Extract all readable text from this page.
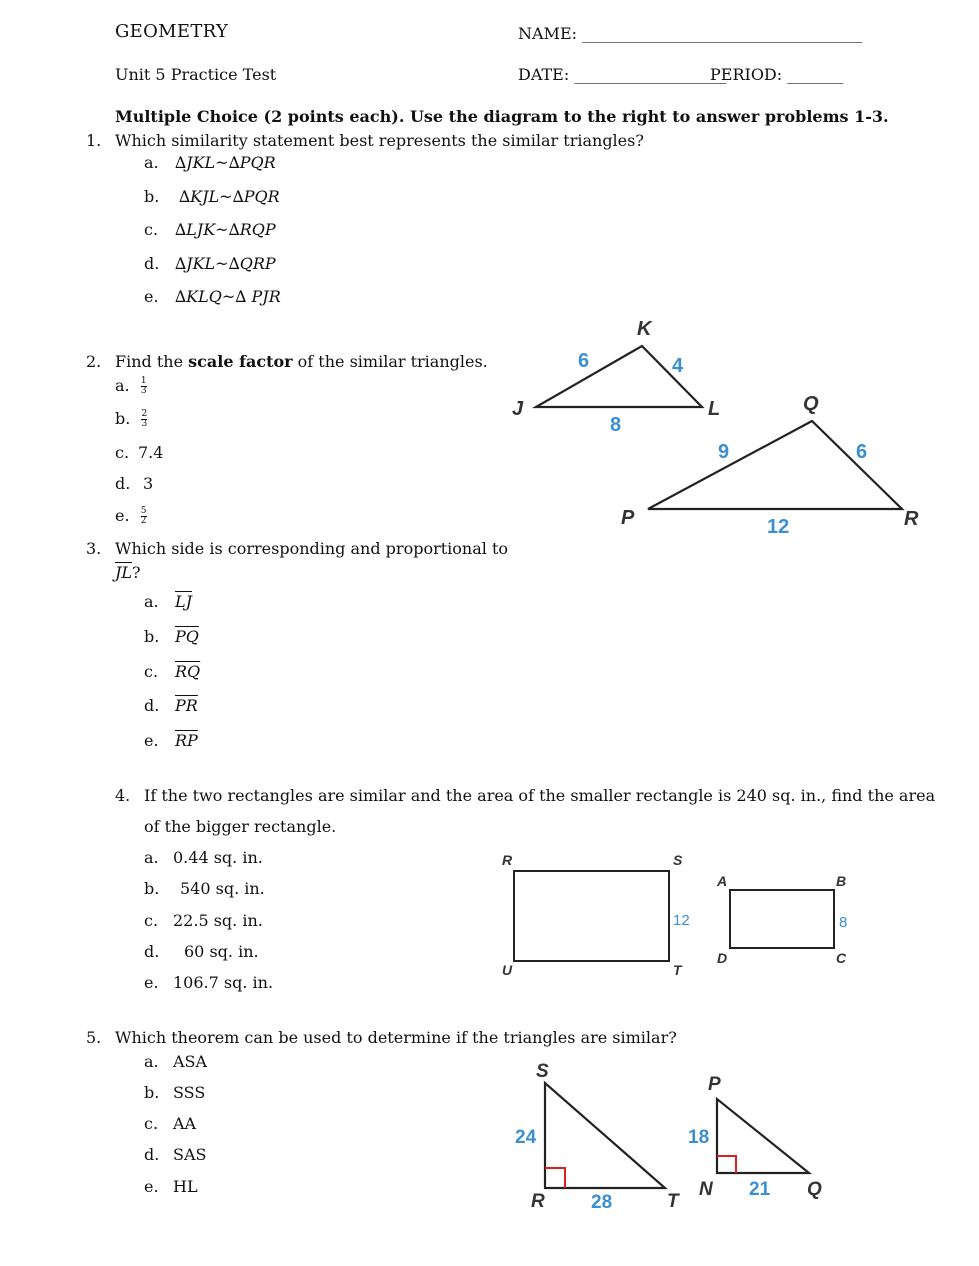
GEOMETRY	NAME: ___________________________________
Unit 5 Practice Test	DATE: ___________________
PERIOD: _______
Multiple Choice (2 points each). Use the diagram to the right to answer problems 1-3.
1. Which similarity statement best represents the similar triangles?
a. ∆JKL~∆PQR
b. ∆KJL~∆PQR
c. ∆LJK~∆RQP
d. ∆JKL~∆QRP
e. ∆KLQ~∆ PJR
2. Find the scale factor of the similar triangles.
a. $\frac{1}{3}$
b. $\frac{2}{3}$
c. 7.4
d. 3
e. $\frac{5}{2}$
3. Which side is corresponding and proportional to
$\overline{JL}$?
a. $\overline{LJ}$
b. $\overline{PQ}$
c. $\overline{RQ}$
d. $\overline{PR}$
e. $\overline{RP}$
4. If the two rectangles are similar and the area of the smaller rectangle is 240 sq. in., find the area
of the bigger rectangle.
a. 0.44 sq. in.
b. 540 sq. in.
c. 22.5 sq. in.
d. 60 sq. in.
e. 106.7 sq. in.
5. Which theorem can be used to determine if the triangles are similar?
a. ASA
b. SSS
c. AA
d. SAS
e. HL
K
J	L	Q
P	R
6	4
8
9	6
12
R	S
U	T
A	B
D	C
12	8
S
R	T
P
N	Q
24
28
18
21
